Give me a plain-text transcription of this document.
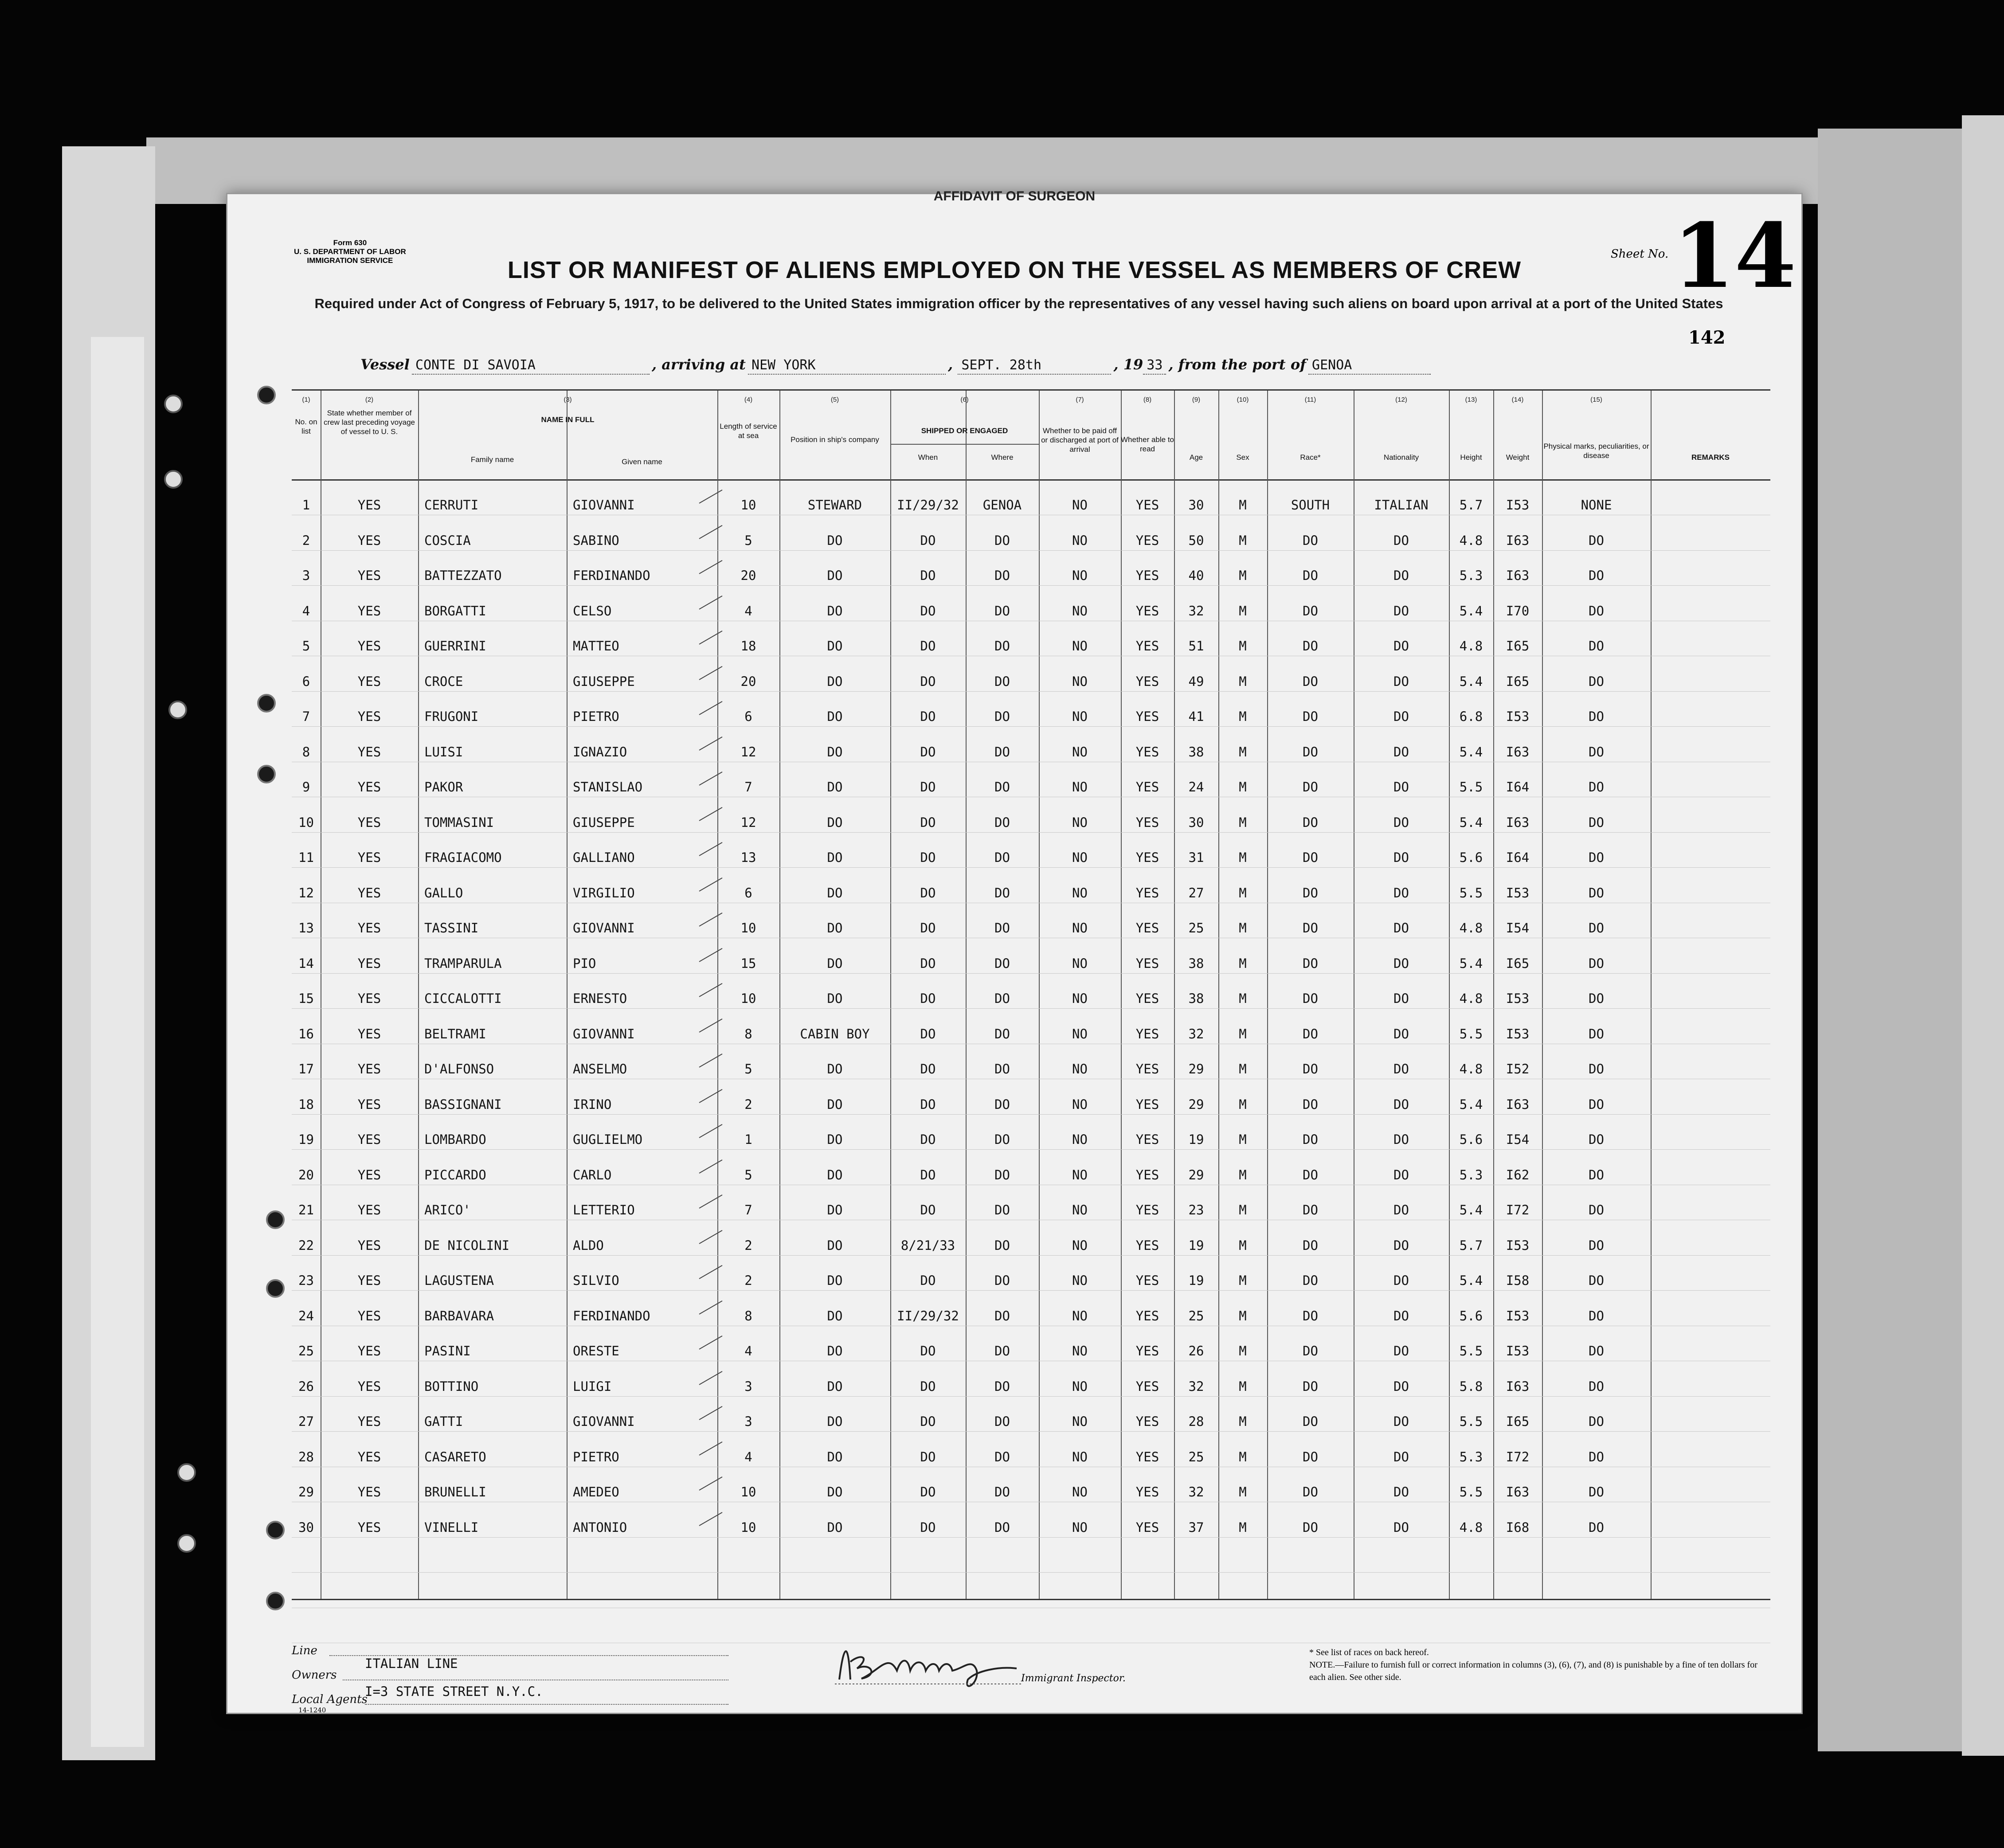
AFFIDAVIT OF SURGEON
Form 630
U. S. DEPARTMENT OF LABOR
IMMIGRATION SERVICE	LIST OR MANIFEST OF ALIENS EMPLOYED ON THE VESSEL AS MEMBERS OF CREW
Required under Act of Congress of February 5, 1917, to be delivered to the United States immigration officer by the representatives of any vessel having such aliens on board upon arrival at a port of the United States
Sheet No. 14
142
Vessel CONTE DI SAVOIA	, arriving at NEW YORK	, SEPT. 28th	, 19 33 , from the port of GENOA
(1)	(2)	(3)	(4)	(5)	(6)	(7)	(8)	(9)	(10)	(11)	(12)	(13)	(14)	(15)
No. on list
State whether member of crew last preceding voyage of vessel to U. S.
NAME IN FULL
Family name	Given name
Length of service at sea	Position in ship's company
SHIPPED OR ENGAGED
When	Where
Whether to be paid off or discharged at port of arrival
Whether able to read
Age	Sex	Race*	Nationality	Height	Weight
Physical marks, peculiarities, or disease	REMARKS
1	YES	CERRUTI	GIOVANNI	10	STEWARD	II/29/32	GENOA	NO	YES	30	M	SOUTH	ITALIAN	5.7	I53	NONE
2	YES	COSCIA	SABINO	5	DO	DO	DO	NO	YES	50	M	DO	DO	4.8	I63	DO
3	YES	BATTEZZATO	FERDINANDO	20	DO	DO	DO	NO	YES	40	M	DO	DO	5.3	I63	DO
4	YES	BORGATTI	CELSO	4	DO	DO	DO	NO	YES	32	M	DO	DO	5.4	I70	DO
5	YES	GUERRINI	MATTEO	18	DO	DO	DO	NO	YES	51	M	DO	DO	4.8	I65	DO
6	YES	CROCE	GIUSEPPE	20	DO	DO	DO	NO	YES	49	M	DO	DO	5.4	I65	DO
7	YES	FRUGONI	PIETRO	6	DO	DO	DO	NO	YES	41	M	DO	DO	6.8	I53	DO
8	YES	LUISI	IGNAZIO	12	DO	DO	DO	NO	YES	38	M	DO	DO	5.4	I63	DO
9	YES	PAKOR	STANISLAO	7	DO	DO	DO	NO	YES	24	M	DO	DO	5.5	I64	DO
10	YES	TOMMASINI	GIUSEPPE	12	DO	DO	DO	NO	YES	30	M	DO	DO	5.4	I63	DO
11	YES	FRAGIACOMO	GALLIANO	13	DO	DO	DO	NO	YES	31	M	DO	DO	5.6	I64	DO
12	YES	GALLO	VIRGILIO	6	DO	DO	DO	NO	YES	27	M	DO	DO	5.5	I53	DO
13	YES	TASSINI	GIOVANNI	10	DO	DO	DO	NO	YES	25	M	DO	DO	4.8	I54	DO
14	YES	TRAMPARULA	PIO	15	DO	DO	DO	NO	YES	38	M	DO	DO	5.4	I65	DO
15	YES	CICCALOTTI	ERNESTO	10	DO	DO	DO	NO	YES	38	M	DO	DO	4.8	I53	DO
16	YES	BELTRAMI	GIOVANNI	8	CABIN BOY	DO	DO	NO	YES	32	M	DO	DO	5.5	I53	DO
17	YES	D'ALFONSO	ANSELMO	5	DO	DO	DO	NO	YES	29	M	DO	DO	4.8	I52	DO
18	YES	BASSIGNANI	IRINO	2	DO	DO	DO	NO	YES	29	M	DO	DO	5.4	I63	DO
19	YES	LOMBARDO	GUGLIELMO	1	DO	DO	DO	NO	YES	19	M	DO	DO	5.6	I54	DO
20	YES	PICCARDO	CARLO	5	DO	DO	DO	NO	YES	29	M	DO	DO	5.3	I62	DO
21	YES	ARICO'	LETTERIO	7	DO	DO	DO	NO	YES	23	M	DO	DO	5.4	I72	DO
22	YES	DE NICOLINI	ALDO	2	DO	8/21/33	DO	NO	YES	19	M	DO	DO	5.7	I53	DO
23	YES	LAGUSTENA	SILVIO	2	DO	DO	DO	NO	YES	19	M	DO	DO	5.4	I58	DO
24	YES	BARBAVARA	FERDINANDO	8	DO	II/29/32	DO	NO	YES	25	M	DO	DO	5.6	I53	DO
25	YES	PASINI	ORESTE	4	DO	DO	DO	NO	YES	26	M	DO	DO	5.5	I53	DO
26	YES	BOTTINO	LUIGI	3	DO	DO	DO	NO	YES	32	M	DO	DO	5.8	I63	DO
27	YES	GATTI	GIOVANNI	3	DO	DO	DO	NO	YES	28	M	DO	DO	5.5	I65	DO
28	YES	CASARETO	PIETRO	4	DO	DO	DO	NO	YES	25	M	DO	DO	5.3	I72	DO
29	YES	BRUNELLI	AMEDEO	10	DO	DO	DO	NO	YES	32	M	DO	DO	5.5	I63	DO
30	YES	VINELLI	ANTONIO	10	DO	DO	DO	NO	YES	37	M	DO	DO	4.8	I68	DO
Line
Owners
ITALIAN LINE
Local Agents
I=3 STATE STREET N.Y.C.
14-1240
Immigrant Inspector.
* See list of races on back hereof.
NOTE.—Failure to furnish full or correct information in columns (3), (6), (7), and (8) is punishable by a fine of ten dollars for each alien. See other side.
